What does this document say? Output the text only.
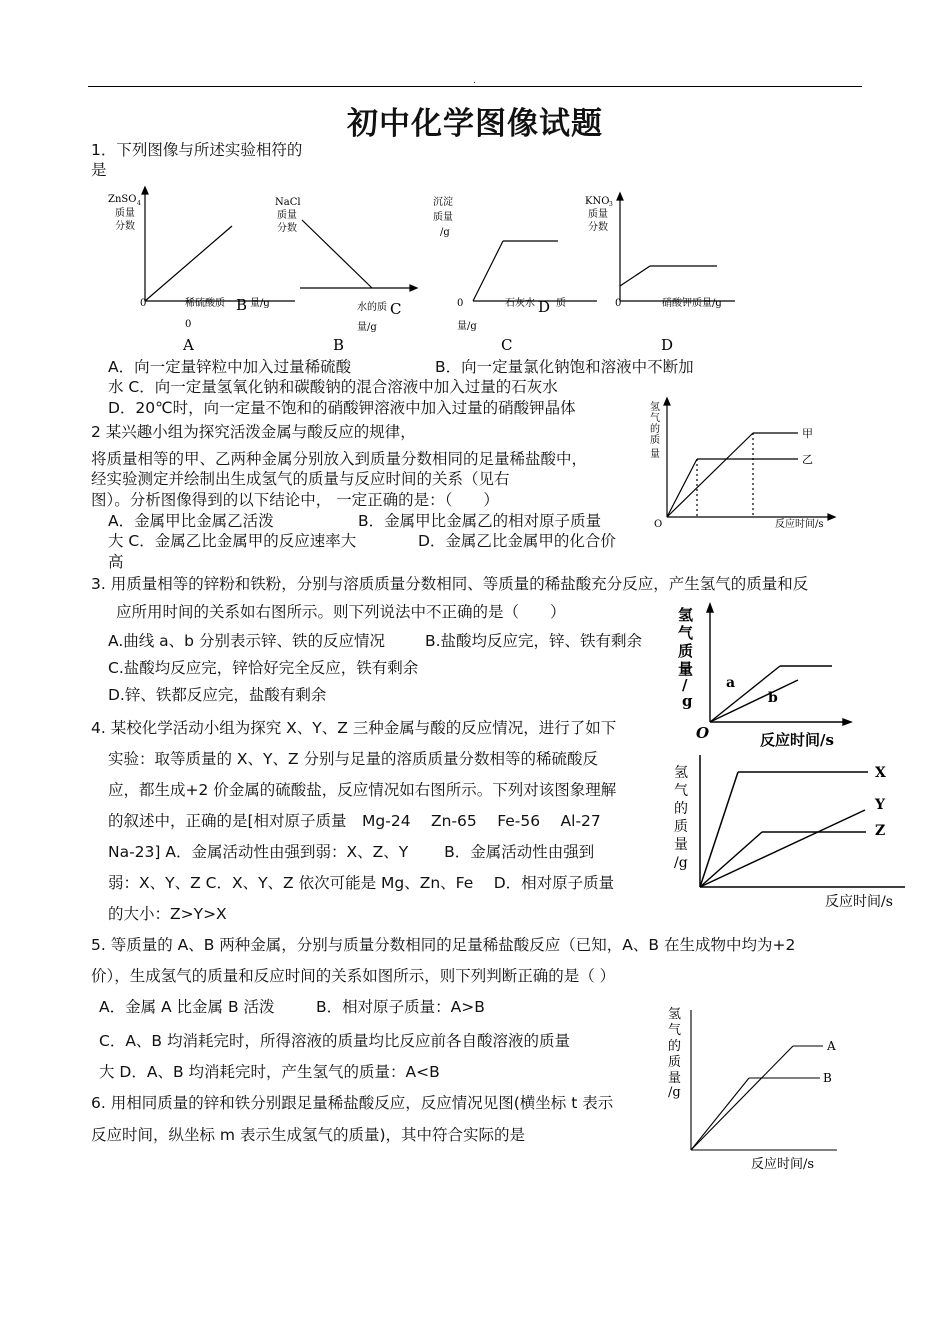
.
初中化学图像试题
1．下列图像与所述实验相符的
是
ZnSO 4
质量
分数
0	稀硫酸质 B 量/g
0
NaCl
质量
分数
水的质 C
量/g
沉淀
质量
/g
0	石灰水 D 质
量/g
KNO 3
质量
分数
0	硝酸钾质量/g
A	B	C	D
A．向一定量锌粒中加入过量稀硫酸	B．向一定量氯化钠饱和溶液中不断加
水 C．向一定量氢氧化钠和碳酸钠的混合溶液中加入过量的石灰水
D．20℃时，向一定量不饱和的硝酸钾溶液中加入过量的硝酸钾晶体
2 某兴趣小组为探究活泼金属与酸反应的规律，
将质量相等的甲、乙两种金属分别放入到质量分数相同的足量稀盐酸中，
经实验测定并绘制出生成氢气的质量与反应时间的关系（见右
图）。分析图像得到的以下结论中， 一定正确的是：（　　）
A．金属甲比金属乙活泼	B．金属甲比金属乙的相对原子质量
大 C．金属乙比金属甲的反应速率大	D．金属乙比金属甲的化合价
高
氢
气
的
质
量
O	反应时间/s
甲
乙
3. 用质量相等的锌粉和铁粉，分别与溶质质量分数相同、等质量的稀盐酸充分反应，产生氢气的质量和反
应所用时间的关系如右图所示。则下列说法中不正确的是（　　）
A.曲线 a、b 分别表示锌、铁的反应情况	B.盐酸均反应完，锌、铁有剩余
C.盐酸均反应完，锌恰好完全反应，铁有剩余
D.锌、铁都反应完，盐酸有剩余
氢
气
质
量
/
g
O	反应时间/s
a
b
4. 某校化学活动小组为探究 X、Y、Z 三种金属与酸的反应情况，进行了如下
实验：取等质量的 X、Y、Z 分别与足量的溶质质量分数相等的稀硫酸反
应，都生成+2 价金属的硫酸盐，反应情况如右图所示。下列对该图象理解
的叙述中，正确的是[相对原子质量　Mg-24　 Zn-65　 Fe-56　 Al-27
Na-23] A．金属活动性由强到弱：X、Z、Y　　 B．金属活动性由强到
弱：X、Y、Z C．X、Y、Z 依次可能是 Mg、Zn、Fe　 D．相对原子质量
的大小：Z>Y>X
氢
气
的
质
量
/g
反应时间/s
X
Y
Z
5. 等质量的 A、B 两种金属，分别与质量分数相同的足量稀盐酸反应（已知，A、B 在生成物中均为+2
价），生成氢气的质量和反应时间的关系如图所示，则下列判断正确的是（ ）
A．金属 A 比金属 B 活泼	B．相对原子质量：A>B
C．A、B 均消耗完时，所得溶液的质量均比反应前各自酸溶液的质量
大 D．A、B 均消耗完时，产生氢气的质量：A<B
氢
气
的
质
量
/g
反应时间/s
A
B
6. 用相同质量的锌和铁分别跟足量稀盐酸反应，反应情况见图(横坐标 t 表示
反应时间，纵坐标 m 表示生成氢气的质量)，其中符合实际的是
